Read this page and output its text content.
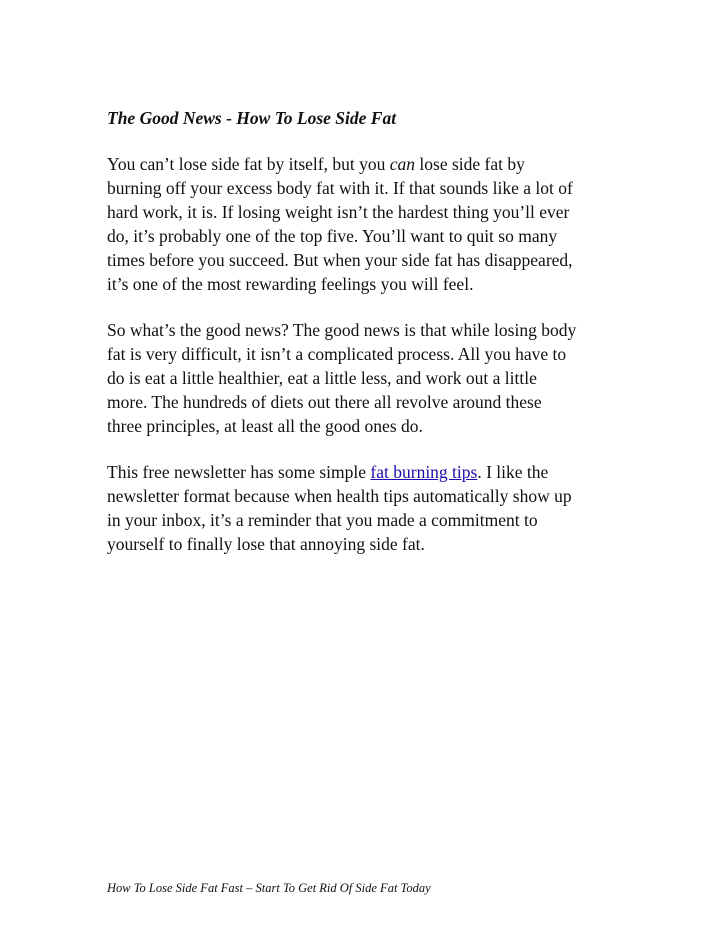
The Good News - How To Lose Side Fat

You can’t lose side fat by itself, but you can lose side fat by
burning off your excess body fat with it. If that sounds like a lot of
hard work, it is. If losing weight isn’t the hardest thing you’ll ever
do, it’s probably one of the top five. You’ll want to quit so many
times before you succeed. But when your side fat has disappeared,
it’s one of the most rewarding feelings you will feel.

So what’s the good news? The good news is that while losing body
fat is very difficult, it isn’t a complicated process. All you have to
do is eat a little healthier, eat a little less, and work out a little
more. The hundreds of diets out there all revolve around these
three principles, at least all the good ones do.

This free newsletter has some simple fat burning tips. I like the
newsletter format because when health tips automatically show up
in your inbox, it’s a reminder that you made a commitment to
yourself to finally lose that annoying side fat.

How To Lose Side Fat Fast – Start To Get Rid Of Side Fat Today
